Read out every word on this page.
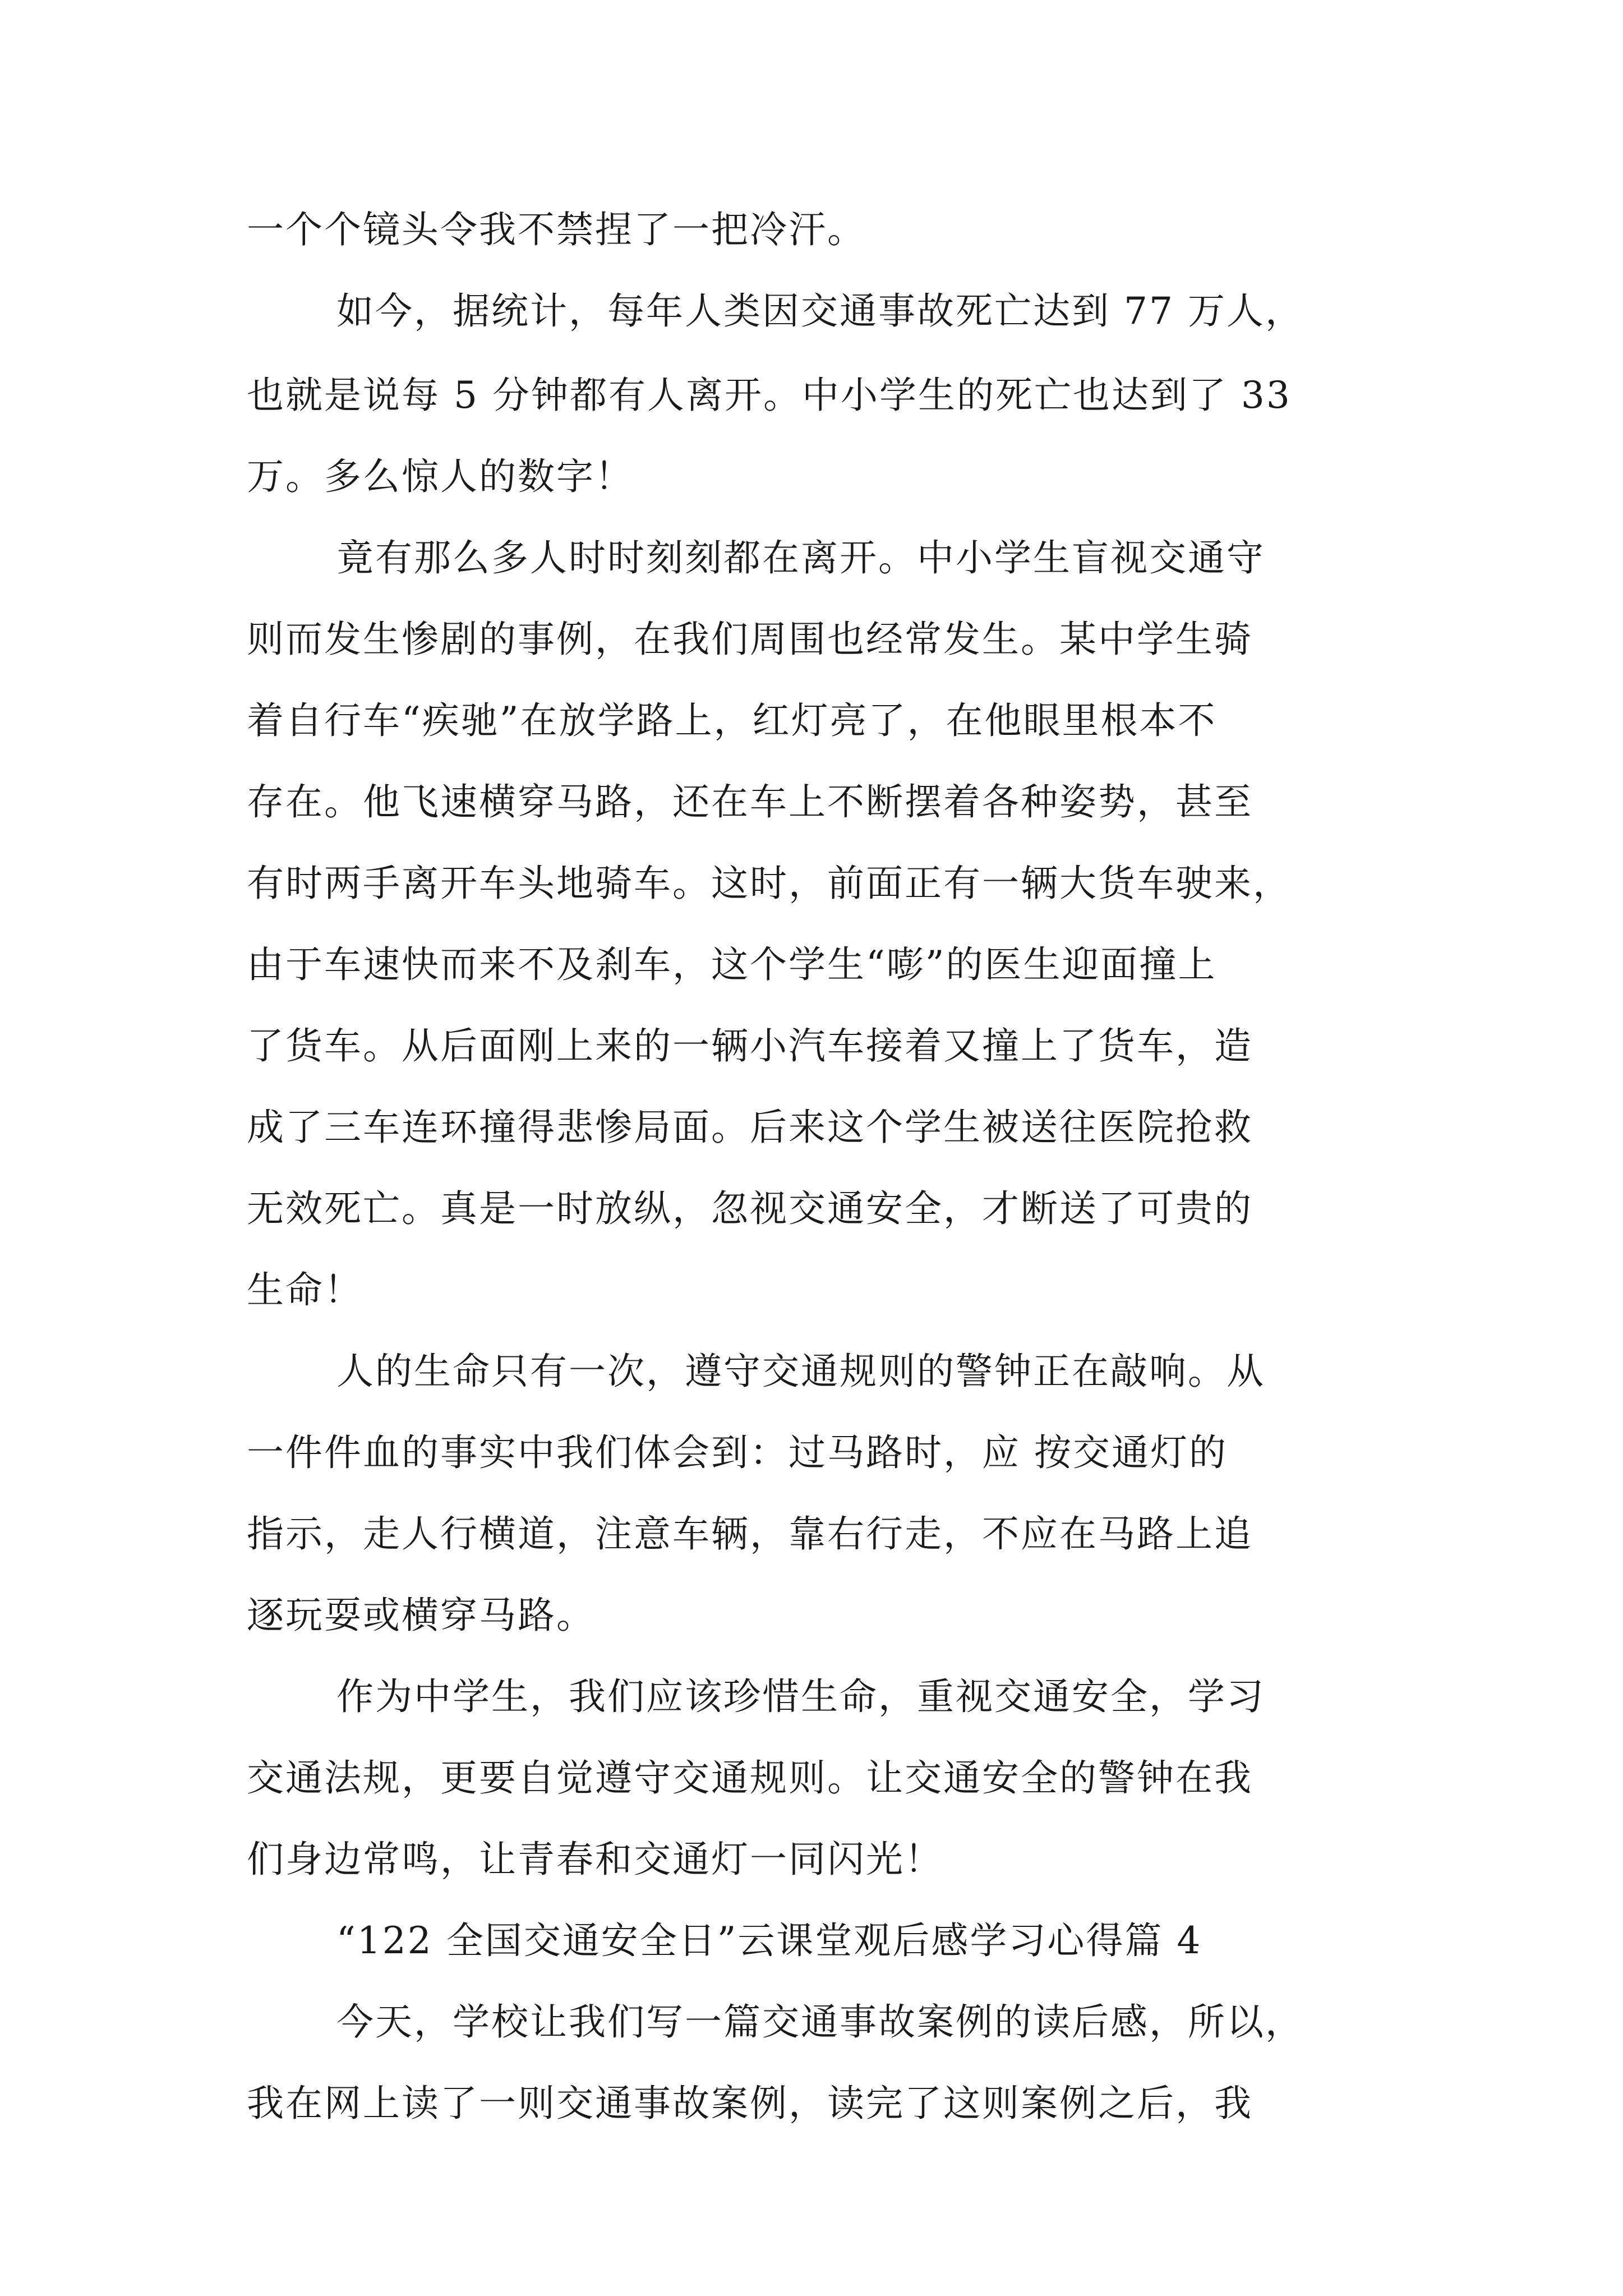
一个个镜头令我不禁捏了一把冷汗。
如今，据统计，每年人类因交通事故死亡达到 77 万人，
也就是说每 5 分钟都有人离开。中小学生的死亡也达到了 33
万。多么惊人的数字！
竟有那么多人时时刻刻都在离开。中小学生盲视交通守
则而发生惨剧的事例，在我们周围也经常发生。某中学生骑
着自行车“疾驰”在放学路上，红灯亮了，在他眼里根本不
存在。他飞速横穿马路，还在车上不断摆着各种姿势，甚至
有时两手离开车头地骑车。这时，前面正有一辆大货车驶来，
由于车速快而来不及刹车，这个学生“嘭”的医生迎面撞上
了货车。从后面刚上来的一辆小汽车接着又撞上了货车，造
成了三车连环撞得悲惨局面。后来这个学生被送往医院抢救
无效死亡。真是一时放纵，忽视交通安全，才断送了可贵的
生命！
人的生命只有一次，遵守交通规则的警钟正在敲响。从
一件件血的事实中我们体会到：过马路时，应 按交通灯的
指示，走人行横道，注意车辆，靠右行走，不应在马路上追
逐玩耍或横穿马路。
作为中学生，我们应该珍惜生命，重视交通安全，学习
交通法规，更要自觉遵守交通规则。让交通安全的警钟在我
们身边常鸣，让青春和交通灯一同闪光！
“122 全国交通安全日”云课堂观后感学习心得篇 4
今天，学校让我们写一篇交通事故案例的读后感，所以，
我在网上读了一则交通事故案例，读完了这则案例之后，我
